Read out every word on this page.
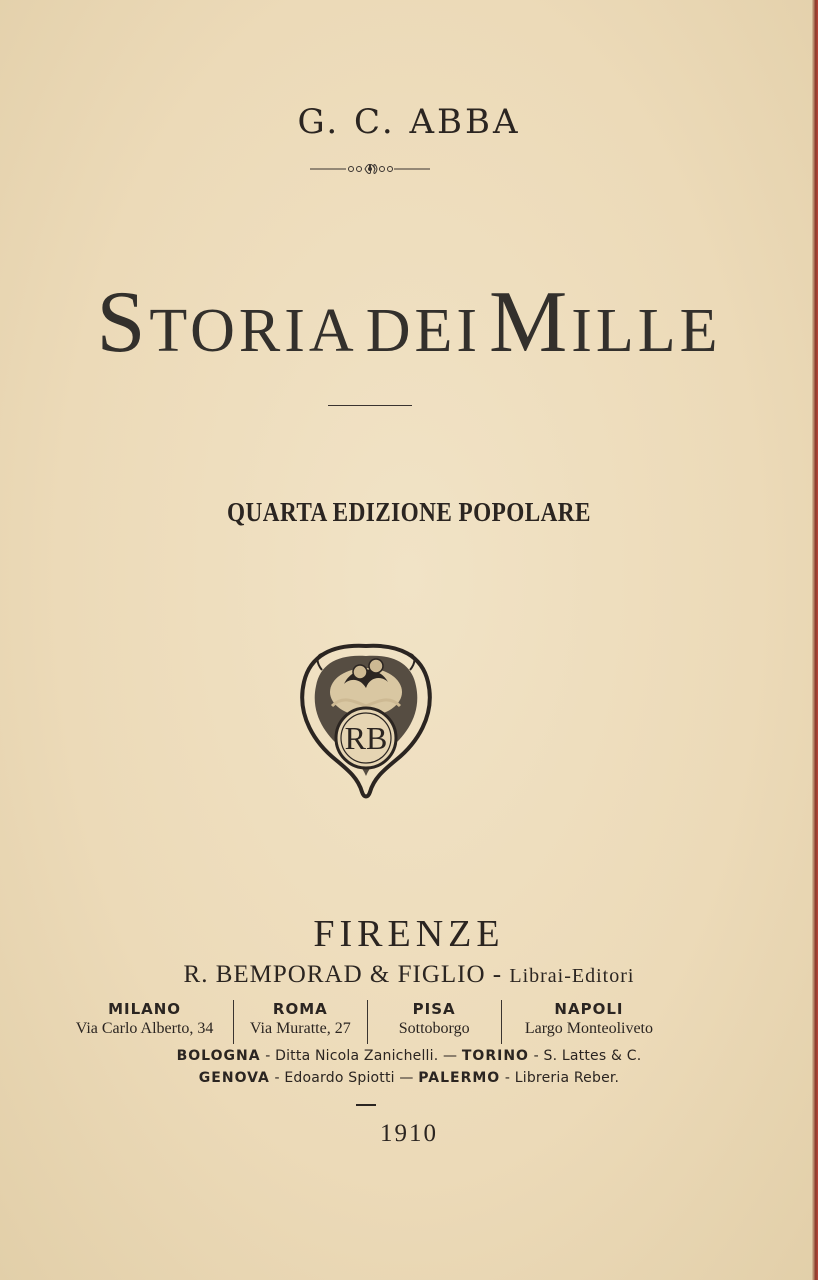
G. C. ABBA
STORIA DEI MILLE
QUARTA EDIZIONE POPOLARE
RB
FIRENZE
R. BEMPORAD & FIGLIO - Librai-Editori
MILANO
Via Carlo Alberto, 34
ROMA
Via Muratte, 27
PISA
Sottoborgo
NAPOLI
Largo Monteoliveto
BOLOGNA - Ditta Nicola Zanichelli. — TORINO - S. Lattes & C.
GENOVA - Edoardo Spiotti — PALERMO - Libreria Reber.
1910
